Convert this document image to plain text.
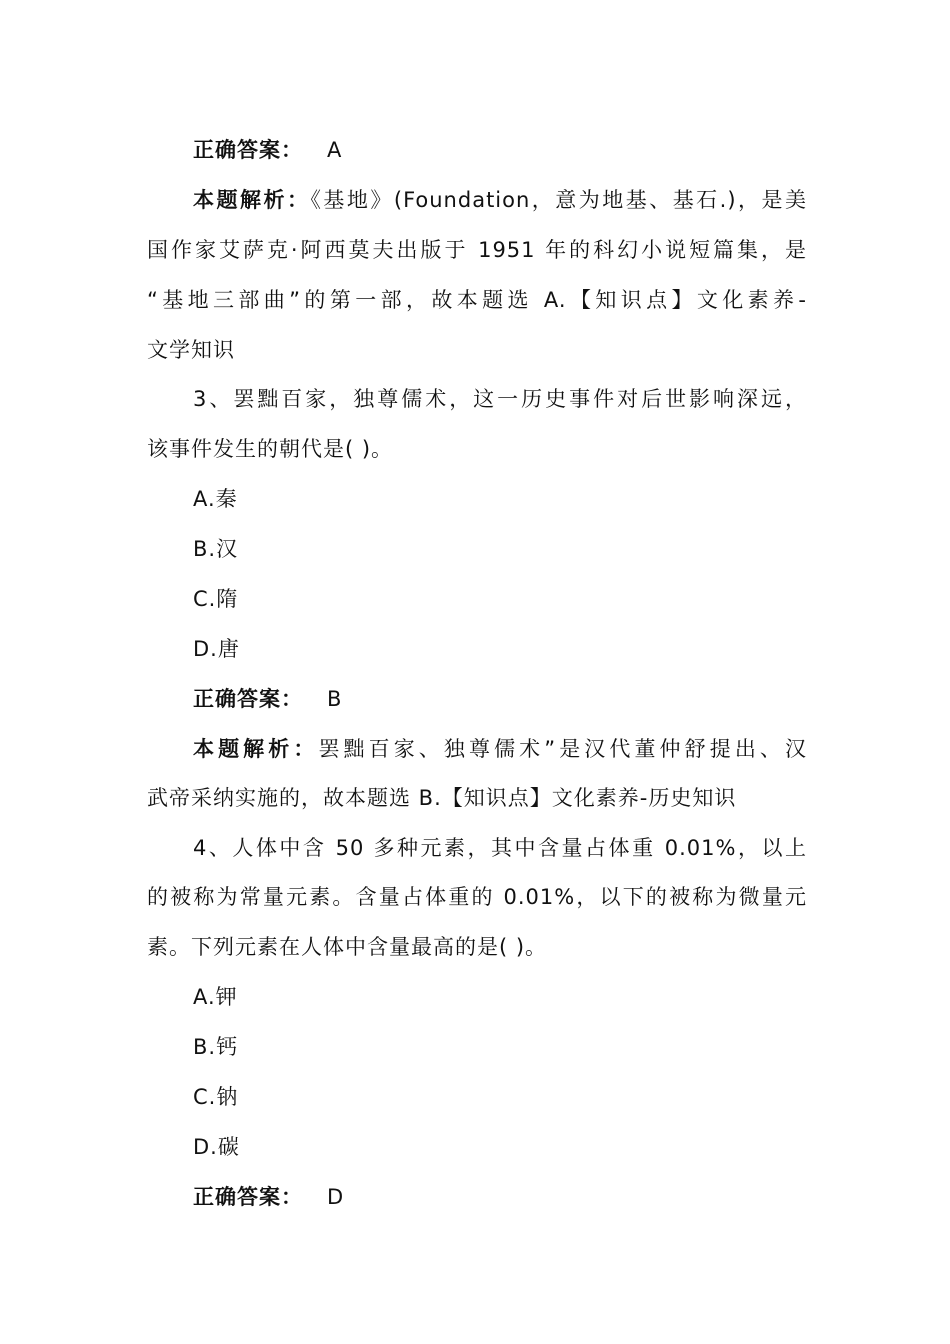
正确答案： A
本题解析：《基地》(Foundation，意为地基、基石.)，是美
国作家艾萨克·阿西莫夫出版于 1951 年的科幻小说短篇集，是
“基地三部曲”的第一部，故本题选 A.【知识点】文化素养-
文学知识
3、罢黜百家，独尊儒术，这一历史事件对后世影响深远，
该事件发生的朝代是( )。
A.秦
B.汉
C.隋
D.唐
正确答案： B
本题解析：罢黜百家、独尊儒术”是汉代董仲舒提出、汉
武帝采纳实施的，故本题选 B.【知识点】文化素养-历史知识
4、人体中含 50 多种元素，其中含量占体重 0.01%，以上
的被称为常量元素。含量占体重的 0.01%，以下的被称为微量元
素。下列元素在人体中含量最高的是( )。
A.钾
B.钙
C.钠
D.碳
正确答案： D
